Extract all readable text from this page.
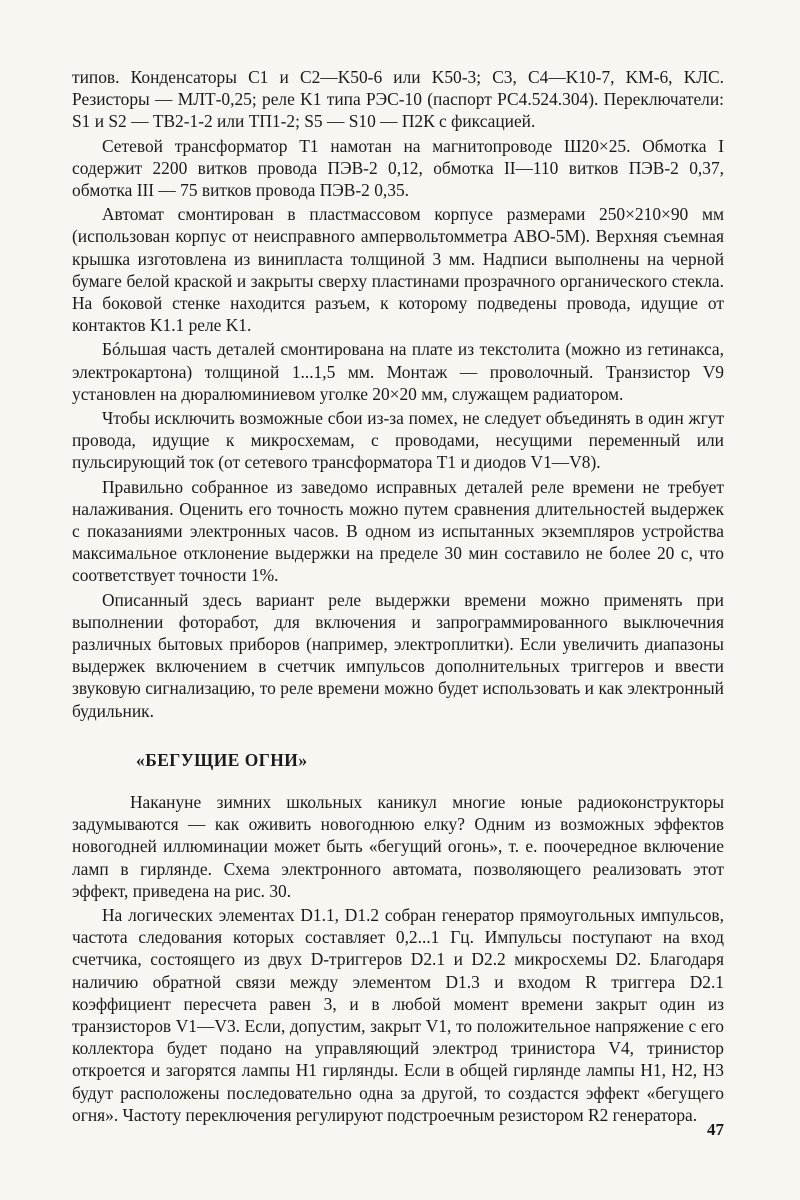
типов. Конденсаторы C1 и C2—K50-6 или K50-3; C3, C4—K10-7, KM-6, KЛC. Резисторы — МЛТ-0,25; реле K1 типа РЭС-10 (паспорт РС4.524.304). Переключатели: S1 и S2 — ТВ2-1-2 или ТП1-2; S5 — S10 — П2К с фиксацией.

Сетевой трансформатор T1 намотан на магнитопроводе Ш20×25. Обмотка I содержит 2200 витков провода ПЭВ-2 0,12, обмотка II—110 витков ПЭВ-2 0,37, обмотка III — 75 витков провода ПЭВ-2 0,35.

Автомат смонтирован в пластмассовом корпусе размерами 250×210×90 мм (использован корпус от неисправного ампервольтомметра АВО-5М). Верхняя съемная крышка изготовлена из винипласта толщиной 3 мм. Надписи выполнены на черной бумаге белой краской и закрыты сверху пластинами прозрачного органического стекла. На боковой стенке находится разъем, к которому подведены провода, идущие от контактов K1.1 реле K1.

Бóльшая часть деталей смонтирована на плате из текстолита (можно из гетинакса, электрокартона) толщиной 1...1,5 мм. Монтаж — проволочный. Транзистор V9 установлен на дюралюминиевом уголке 20×20 мм, служащем радиатором.

Чтобы исключить возможные сбои из-за помех, не следует объединять в один жгут провода, идущие к микросхемам, с проводами, несущими переменный или пульсирующий ток (от сетевого трансформатора T1 и диодов V1—V8).

Правильно собранное из заведомо исправных деталей реле времени не требует налаживания. Оценить его точность можно путем сравнения длительностей выдержек с показаниями электронных часов. В одном из испытанных экземпляров устройства максимальное отклонение выдержки на пределе 30 мин составило не более 20 с, что соответствует точности 1%.

Описанный здесь вариант реле выдержки времени можно применять при выполнении фоторабот, для включения и запрограммированного выключечния различных бытовых приборов (например, электроплитки). Если увеличить диапазоны выдержек включением в счетчик импульсов дополнительных триггеров и ввести звуковую сигнализацию, то реле времени можно будет использовать и как электронный будильник.

«БЕГУЩИЕ ОГНИ»

Накануне зимних школьных каникул многие юные радиоконструкторы задумываются — как оживить новогоднюю елку? Одним из возможных эффектов новогодней иллюминации может быть «бегущий огонь», т. е. поочередное включение ламп в гирлянде. Схема электронного автомата, позволяющего реализовать этот эффект, приведена на рис. 30.

На логических элементах D1.1, D1.2 собран генератор прямоугольных импульсов, частота следования которых составляет 0,2...1 Гц. Импульсы поступают на вход счетчика, состоящего из двух D-триггеров D2.1 и D2.2 микросхемы D2. Благодаря наличию обратной связи между элементом D1.3 и входом R триггера D2.1 коэффициент пересчета равен 3, и в любой момент времени закрыт один из транзисторов V1—V3. Если, допустим, закрыт V1, то положительное напряжение с его коллектора будет подано на управляющий электрод тринистора V4, тринистор откроется и загорятся лампы H1 гирлянды. Если в общей гирлянде лампы H1, H2, H3 будут расположены последовательно одна за другой, то создастся эффект «бегущего огня». Частоту переключения регулируют подстроечным резистором R2 генератора.

47
